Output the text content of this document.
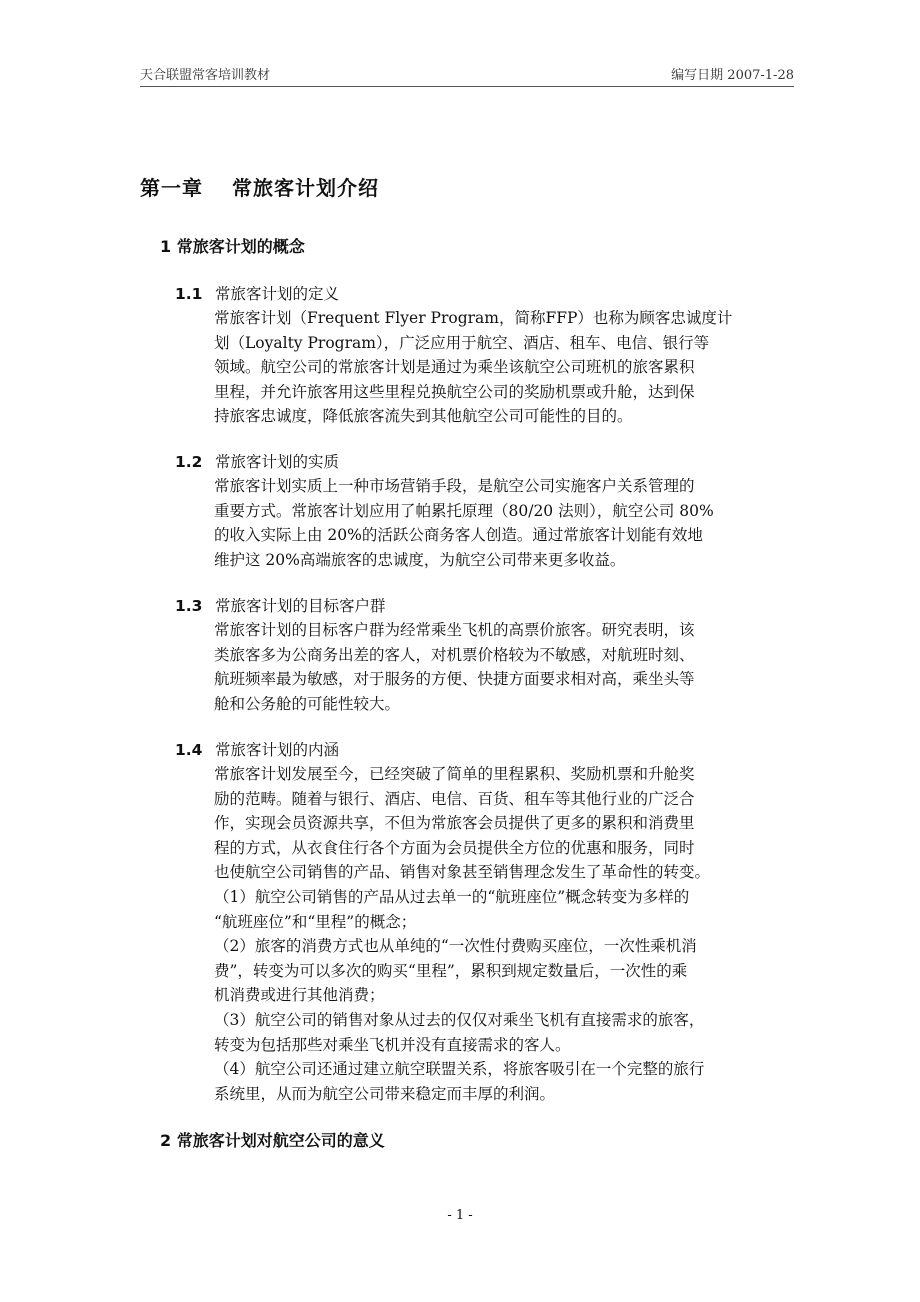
天合联盟常客培训教材	编写日期 2007-1-28
第一章　 常旅客计划介绍
1 常旅客计划的概念
1.1 常旅客计划的定义
常旅客计划（Frequent Flyer Program，简称FFP）也称为顾客忠诚度计
划（Loyalty Program），广泛应用于航空、酒店、租车、电信、银行等
领域。航空公司的常旅客计划是通过为乘坐该航空公司班机的旅客累积
里程，并允许旅客用这些里程兑换航空公司的奖励机票或升舱，达到保
持旅客忠诚度，降低旅客流失到其他航空公司可能性的目的。
1.2 常旅客计划的实质
常旅客计划实质上一种市场营销手段，是航空公司实施客户关系管理的
重要方式。常旅客计划应用了帕累托原理（80/20 法则），航空公司 80%
的收入实际上由 20%的活跃公商务客人创造。通过常旅客计划能有效地
维护这 20%高端旅客的忠诚度，为航空公司带来更多收益。
1.3 常旅客计划的目标客户群
常旅客计划的目标客户群为经常乘坐飞机的高票价旅客。研究表明，该
类旅客多为公商务出差的客人，对机票价格较为不敏感，对航班时刻、
航班频率最为敏感，对于服务的方便、快捷方面要求相对高，乘坐头等
舱和公务舱的可能性较大。
1.4 常旅客计划的内涵
常旅客计划发展至今，已经突破了简单的里程累积、奖励机票和升舱奖
励的范畴。随着与银行、酒店、电信、百货、租车等其他行业的广泛合
作，实现会员资源共享，不但为常旅客会员提供了更多的累积和消费里
程的方式，从衣食住行各个方面为会员提供全方位的优惠和服务，同时
也使航空公司销售的产品、销售对象甚至销售理念发生了革命性的转变。
（1）航空公司销售的产品从过去单一的“航班座位”概念转变为多样的
“航班座位”和“里程”的概念；
（2）旅客的消费方式也从单纯的“一次性付费购买座位，一次性乘机消
费”，转变为可以多次的购买“里程”，累积到规定数量后，一次性的乘
机消费或进行其他消费；
（3）航空公司的销售对象从过去的仅仅对乘坐飞机有直接需求的旅客，
转变为包括那些对乘坐飞机并没有直接需求的客人。
（4）航空公司还通过建立航空联盟关系，将旅客吸引在一个完整的旅行
系统里，从而为航空公司带来稳定而丰厚的利润。
2 常旅客计划对航空公司的意义
- 1 -
